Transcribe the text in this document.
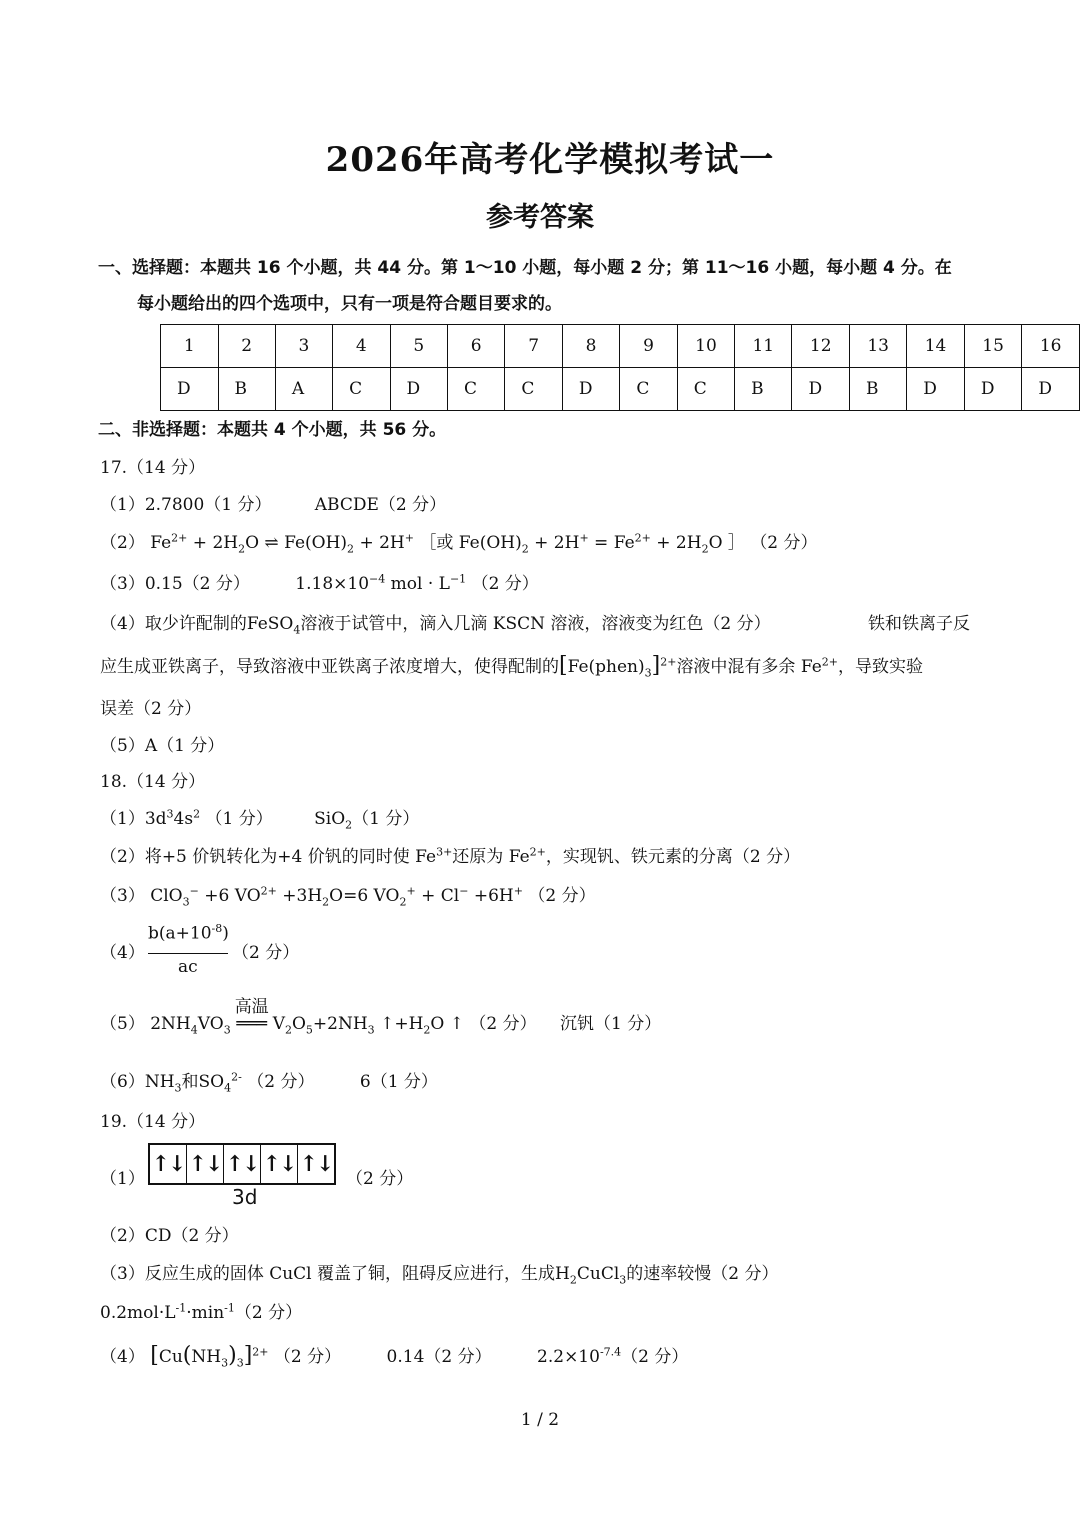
2026年高考化学模拟考试一
参考答案
一、选择题：本题共 16 个小题，共 44 分。第 1～10 小题，每小题 2 分；第 11～16 小题，每小题 4 分。在
每小题给出的四个选项中，只有一项是符合题目要求的。
1	2	3	4	5	6	7	8	9	10	11	12	13	14	15	16
D	B	A	C	D	C	C	D	C	C	B	D	B	D	D	D
二、非选择题：本题共 4 个小题，共 56 分。
17.（14 分）
（1）2.7800（1 分）        ABCDE（2 分）
（2） $Fe^{2+} + 2H_2O$ ⇌ $Fe(OH)_2 + 2H^+$ ［或 $Fe(OH)_2 + 2H^+ = Fe^{2+} + 2H_2O$ ］ （2 分）
（3）0.15（2 分）	$1.18\times 10^{-4}$ mol · $L^{-1}$ （2 分）
（4）取少许配制的FeSO$_4$溶液于试管中，滴入几滴 KSCN 溶液，溶液变为红色（2 分）	铁和铁离子反
应生成亚铁离子，导致溶液中亚铁离子浓度增大，使得配制的$[Fe(phen)_3]^{2+}$溶液中混有多余 $Fe^{2+}$，导致实验
误差（2 分）
（5）A（1 分）
18.（14 分）
$(1)3d^34s^2$ （1 分） SiO$_2$（1 分）
（2）将+5 价钒转化为+4 价钒的同时使 $Fe^{3+}$还原为 $Fe^{2+}$，实现钒、铁元素的分离（2 分）
（3） ClO$_3$− +6 $VO^{2+} +3H_2O=6$ $VO_2^+ + Cl^- +6H^+$ （2 分）
（4）
$b(a+10^{-8})$
ac
（2 分）
（5） $2NH_4VO_3$
高温
═══ $V_2O_5+2NH_3$ $↑+H_2O$ ↑ （2 分） 沉钒（1 分）
$(6)NH_3$和$SO_4^{2-}$ （2 分）	6（1 分）
19.（14 分）
（1）
↑↓ ↑↓ ↑↓ ↑↓ ↑↓
3d
（2 分）
（2）CD（2 分）
（3）反应生成的固体 CuCl 覆盖了铜，阻碍反应进行，生成$H_2CuCl_3$的速率较慢（2 分）
$0.2mol\cdot L^{-1}\cdot\min^{-1}(2$ 分）
（4） $[Cu(NH_3)_3]^{2+}$ （2 分）	0.14（2 分）	$2.2\times 10^{-7.4}(2$ 分）
1 / 2
